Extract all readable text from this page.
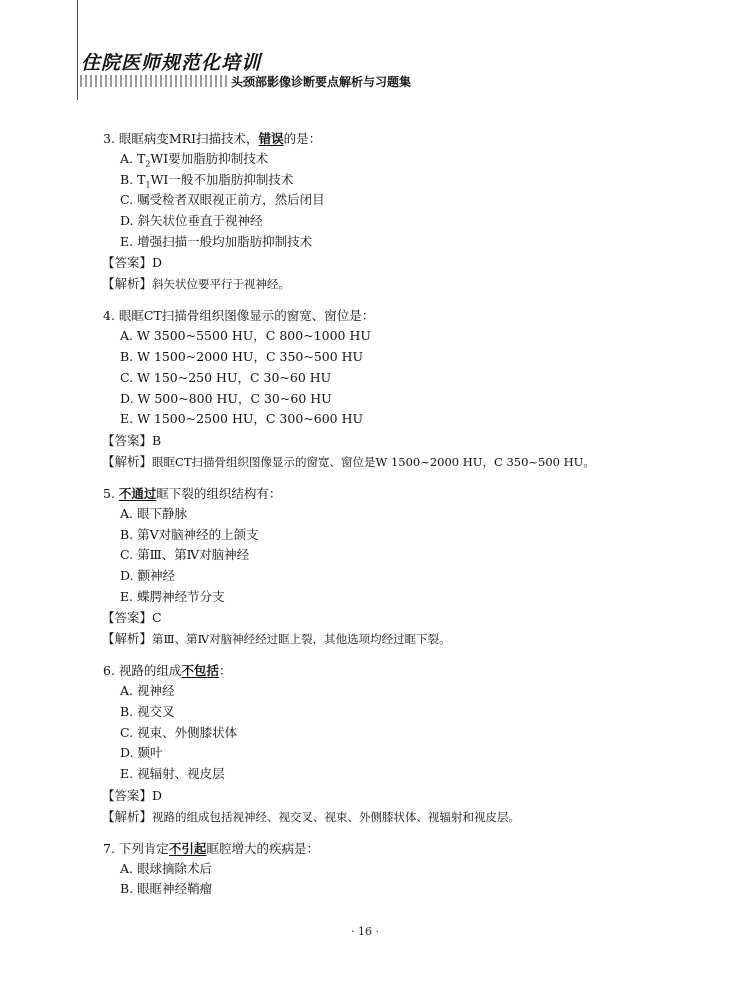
住院医师规范化培训
头颈部影像诊断要点解析与习题集
3. 眼眶病变MRI扫描技术，错误的是：
A. $T_2WI$要加脂肪抑制技术
B. $T_1WI$一般不加脂肪抑制技术
C. 嘱受检者双眼视正前方，然后闭目
D. 斜矢状位垂直于视神经
E. 增强扫描一般均加脂肪抑制技术
【答案】D
【解析】斜矢状位要平行于视神经。
4. 眼眶CT扫描骨组织图像显示的窗宽、窗位是：
A. W 3500~5500 HU，C 800~1000 HU
B. W 1500~2000 HU，C 350~500 HU
C. W 150~250 HU，C 30~60 HU
D. W 500~800 HU，C 30~60 HU
E. W 1500~2500 HU，C 300~600 HU
【答案】B
【解析】眼眶CT扫描骨组织图像显示的窗宽、窗位是W 1500~2000 HU，C 350~500 HU。
5. 不通过眶下裂的组织结构有：
A. 眼下静脉
B. 第Ⅴ对脑神经的上颌支
C. 第Ⅲ、第Ⅳ对脑神经
D. 颧神经
E. 蝶腭神经节分支
【答案】C
【解析】第Ⅲ、第Ⅳ对脑神经经过眶上裂，其他选项均经过眶下裂。
6. 视路的组成不包括：
A. 视神经
B. 视交叉
C. 视束、外侧膝状体
D. 颞叶
E. 视辐射、视皮层
【答案】D
【解析】视路的组成包括视神经、视交叉、视束、外侧膝状体、视辐射和视皮层。
7. 下列肯定不引起眶腔增大的疾病是：
A. 眼球摘除术后
B. 眼眶神经鞘瘤
· 16 ·
